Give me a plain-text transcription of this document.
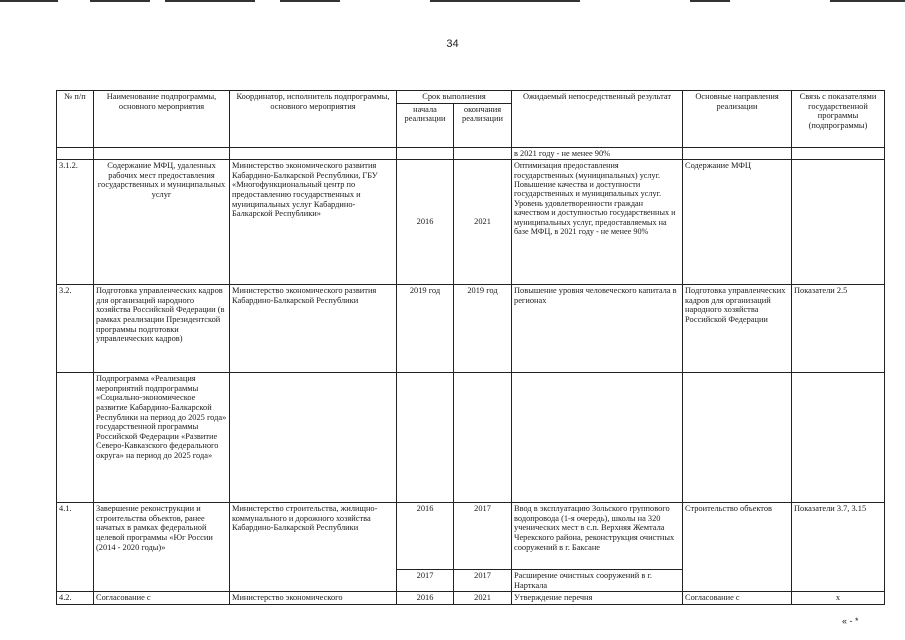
34
№ п/п	Наименование подпрограммы, основного мероприятия	Координатор, исполнитель подпрограммы, основного мероприятия	Срок выполнения		Ожидаемый непосредственный результат	Основные направления реализации	Связь с показателями государственной программы (подпрограммы)
			начала реализации	окончания реализации			
					в 2021 году - не менее 90%		
3.1.2.	Содержание МФЦ, удаленных рабочих мест предоставления государственных и муниципальных услуг	Министерство экономического развития Кабардино-Балкарской Республики, ГБУ «Многофункциональный центр по предоставлению государственных и муниципальных услуг Кабардино-Балкарской Республики»	2016	2021	Оптимизация предоставления государственных (муниципальных) услуг.
Повышение качества и доступности государственных и муниципальных услуг.
Уровень удовлетворенности граждан качеством и доступностью государственных и муниципальных услуг, предоставляемых на базе МФЦ, в 2021 году - не менее 90%	Содержание МФЦ	
3.2.	Подготовка управленческих кадров для организаций народного хозяйства Российской Федерации (в рамках реализации Президентской программы подготовки управленческих кадров)	Министерство экономического развития Кабардино-Балкарской Республики	2019 год	2019 год	Повышение уровня человеческого капитала в регионах	Подготовка управленческих кадров для организаций народного хозяйства Российской Федерации	Показатели 2.5
	Подпрограмма «Реализация мероприятий подпрограммы «Социально-экономическое развитие Кабардино-Балкарской Республики на период до 2025 года» государственной программы Российской Федерации «Развитие Северо-Кавказского федерального округа» на период до 2025 года»						
4.1.	Завершение реконструкции и строительства объектов, ранее начатых в рамках федеральной целевой программы «Юг России (2014 - 2020 годы)»	Министерство строительства, жилищно-коммунального и дорожного хозяйства Кабардино-Балкарской Республики	2016	2017	Ввод в эксплуатацию Зольского группового водопровода (1-я очередь), школы на 320 ученических мест в с.п. Верхняя Жемтала Черекского района, реконструкция очистных сооружений в г. Баксане	Строительство объектов	Показатели 3.7, 3.15
			2017	2017	Расширение очистных сооружений в г. Нарткала		
4.2.	Согласование с	Министерство экономического	2016	2021	Утверждение перечня	Согласование с	х
« - *
